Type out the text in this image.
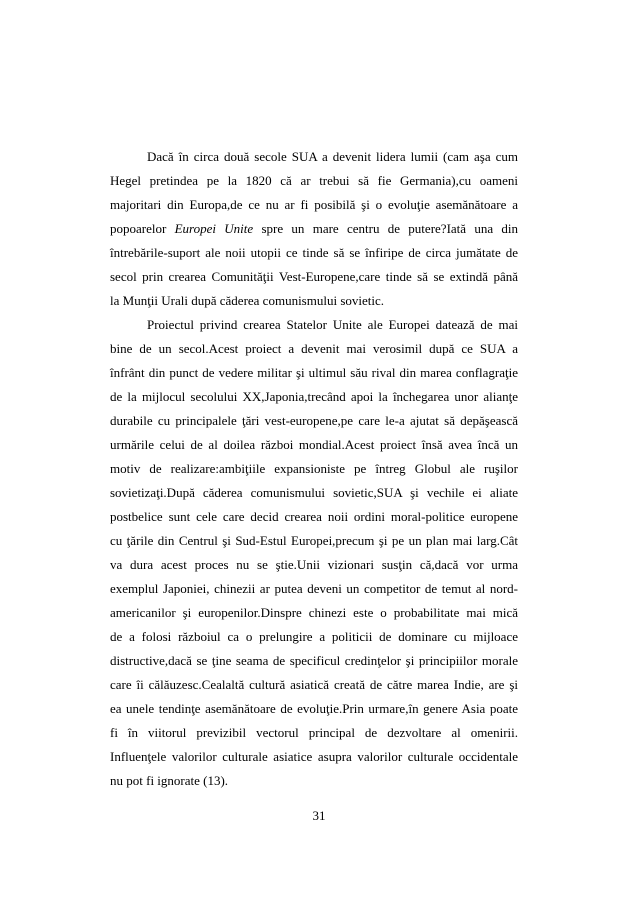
Dacă în circa două secole SUA a devenit lidera lumii (cam aşa cum
Hegel pretindea pe la 1820 că ar trebui să fie Germania),cu oameni
majoritari din Europa,de ce nu ar fi posibilă şi o evoluţie asemănătoare a
popoarelor Europei Unite spre un mare centru de putere?Iată una din
întrebările-suport ale noii utopii ce tinde să se înfiripe de circa jumătate de
secol prin crearea Comunităţii Vest-Europene,care tinde să se extindă până
la Munţii Urali după căderea comunismului sovietic.
Proiectul privind crearea Statelor Unite ale Europei datează de mai
bine de un secol.Acest proiect a devenit mai verosimil după ce SUA a
înfrânt din punct de vedere militar şi ultimul său rival din marea conflagraţie
de la mijlocul secolului XX,Japonia,trecând apoi la închegarea unor alianţe
durabile cu principalele ţări vest-europene,pe care le-a ajutat să depăşească
urmările celui de al doilea război mondial.Acest proiect însă avea încă un
motiv de realizare:ambiţiile expansioniste pe întreg Globul ale ruşilor
sovietizaţi.După căderea comunismului sovietic,SUA şi vechile ei aliate
postbelice sunt cele care decid crearea noii ordini moral-politice europene
cu ţările din Centrul şi Sud-Estul Europei,precum şi pe un plan mai larg.Cât
va dura acest proces nu se ştie.Unii vizionari susţin că,dacă vor urma
exemplul Japoniei, chinezii ar putea deveni un competitor de temut al nord-
americanilor şi europenilor.Dinspre chinezi este o probabilitate mai mică
de a folosi războiul ca o prelungire a politicii de dominare cu mijloace
distructive,dacă se ţine seama de specificul credinţelor şi principiilor morale
care îi călăuzesc.Cealaltă cultură asiatică creată de către marea Indie, are şi
ea unele tendinţe asemănătoare de evoluţie.Prin urmare,în genere Asia poate
fi în viitorul previzibil vectorul principal de dezvoltare al omenirii.
Influenţele valorilor culturale asiatice asupra valorilor culturale occidentale
nu pot fi ignorate (13).
31
